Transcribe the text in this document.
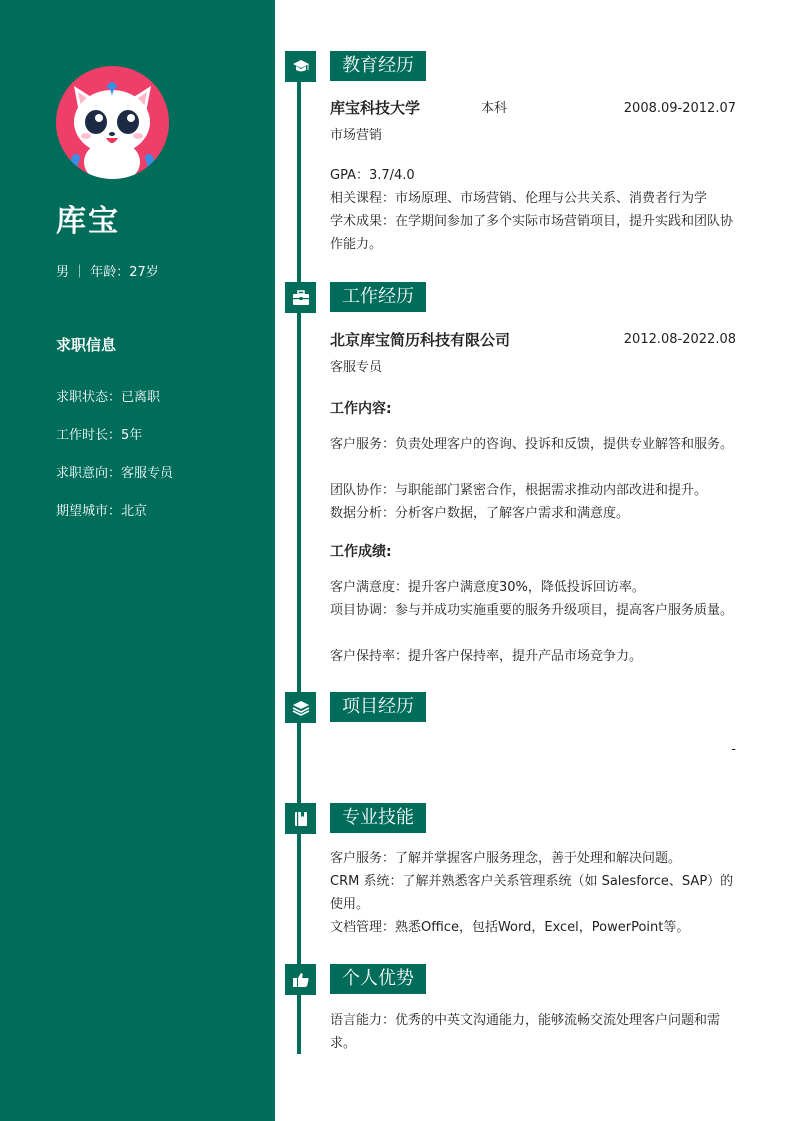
库宝
男 ｜ 年龄：27岁
求职信息
求职状态：已离职
工作时长：5年
求职意向：客服专员
期望城市：北京
教育经历
库宝科技大学	本科	2008.09-2012.07
市场营销
GPA：3.7/4.0
相关课程：市场原理、市场营销、伦理与公共关系、消费者行为学
学术成果：在学期间参加了多个实际市场营销项目，提升实践和团队协作能力。
工作经历
北京库宝简历科技有限公司	2012.08-2022.08
客服专员
工作内容:
客户服务：负责处理客户的咨询、投诉和反馈，提供专业解答和服务。
团队协作：与职能部门紧密合作，根据需求推动内部改进和提升。
数据分析：分析客户数据，了解客户需求和满意度。
工作成绩:
客户满意度：提升客户满意度30%，降低投诉回访率。
项目协调：参与并成功实施重要的服务升级项目，提高客户服务质量。
客户保持率：提升客户保持率，提升产品市场竞争力。
项目经历
-
专业技能
客户服务：了解并掌握客户服务理念，善于处理和解决问题。
CRM 系统：了解并熟悉客户关系管理系统（如 Salesforce、SAP）的使用。
文档管理：熟悉Office，包括Word，Excel，PowerPoint等。
个人优势
语言能力：优秀的中英文沟通能力，能够流畅交流处理客户问题和需求。
